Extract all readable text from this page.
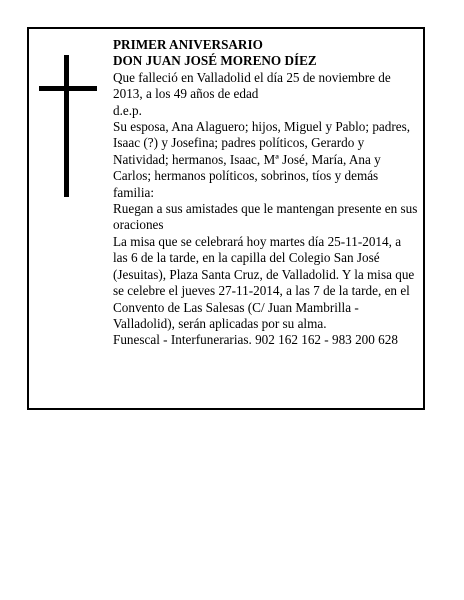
PRIMER ANIVERSARIO

DON JUAN JOSÉ MORENO DÍEZ

Que falleció en Valladolid el día 25 de noviembre de 2013, a los 49 años de edad

d.e.p.

Su esposa, Ana Alaguero; hijos, Miguel y Pablo; padres, Isaac (?) y Josefina; padres políticos, Gerardo y Natividad; hermanos, Isaac, Mª José, María, Ana y Carlos; hermanos políticos, sobrinos, tíos y demás familia:

Ruegan a sus amistades que le mantengan presente en sus oraciones

La misa que se celebrará hoy martes día 25-11-2014, a las 6 de la tarde, en la capilla del Colegio San José (Jesuitas), Plaza Santa Cruz, de Valladolid. Y la misa que se celebre el jueves 27-11-2014, a las 7 de la tarde, en el Convento de Las Salesas (C/ Juan Mambrilla - Valladolid), serán aplicadas por su alma.

Funescal - Interfunerarias. 902 162 162 - 983 200 628
